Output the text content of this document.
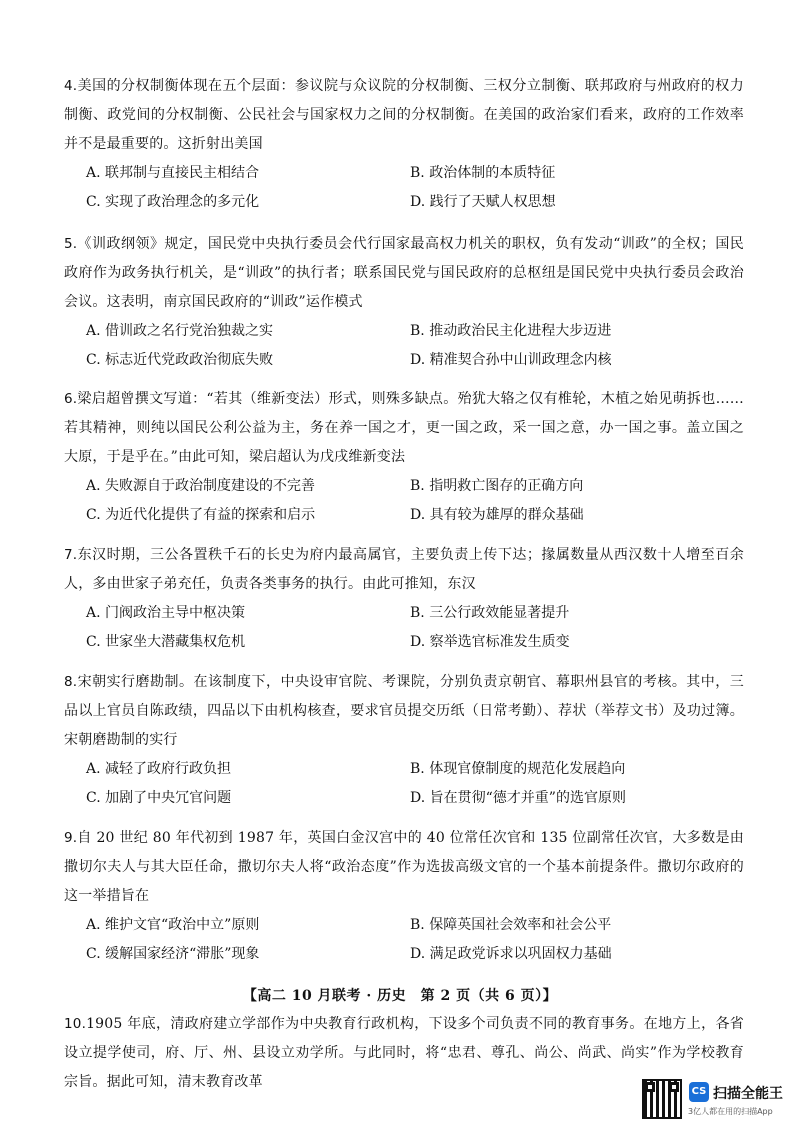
4.美国的分权制衡体现在五个层面：参议院与众议院的分权制衡、三权分立制衡、联邦政府与州政府的权力制衡、政党间的分权制衡、公民社会与国家权力之间的分权制衡。在美国的政治家们看来，政府的工作效率并不是最重要的。这折射出美国
A. 联邦制与直接民主相结合	B. 政治体制的本质特征
C. 实现了政治理念的多元化	D. 践行了天赋人权思想
5.《训政纲领》规定，国民党中央执行委员会代行国家最高权力机关的职权，负有发动“训政”的全权；国民政府作为政务执行机关，是“训政”的执行者；联系国民党与国民政府的总枢纽是国民党中央执行委员会政治会议。这表明，南京国民政府的“训政”运作模式
A. 借训政之名行党治独裁之实	B. 推动政治民主化进程大步迈进
C. 标志近代党政政治彻底失败	D. 精准契合孙中山训政理念内核
6.梁启超曾撰文写道：“若其（维新变法）形式，则殊多缺点。殆犹大辂之仅有椎轮，木植之始见萌拆也……若其精神，则纯以国民公利公益为主，务在养一国之才，更一国之政，采一国之意，办一国之事。盖立国之大原，于是乎在。”由此可知，梁启超认为戊戌维新变法
A. 失败源自于政治制度建设的不完善	B. 指明救亡图存的正确方向
C. 为近代化提供了有益的探索和启示	D. 具有较为雄厚的群众基础
7.东汉时期，三公各置秩千石的长史为府内最高属官，主要负责上传下达；掾属数量从西汉数十人增至百余人，多由世家子弟充任，负责各类事务的执行。由此可推知，东汉
A. 门阀政治主导中枢决策	B. 三公行政效能显著提升
C. 世家坐大潜藏集权危机	D. 察举选官标准发生质变
8.宋朝实行磨勘制。在该制度下，中央设审官院、考课院，分别负责京朝官、幕职州县官的考核。其中，三品以上官员自陈政绩，四品以下由机构核查，要求官员提交历纸（日常考勤）、荐状（举荐文书）及功过簿。宋朝磨勘制的实行
A. 减轻了政府行政负担	B. 体现官僚制度的规范化发展趋向
C. 加剧了中央冗官问题	D. 旨在贯彻“德才并重”的选官原则
9.自 20 世纪 80 年代初到 1987 年，英国白金汉宫中的 40 位常任次官和 135 位副常任次官，大多数是由撒切尔夫人与其大臣任命，撒切尔夫人将“政治态度”作为选拔高级文官的一个基本前提条件。撒切尔政府的这一举措旨在
A. 维护文官“政治中立”原则	B. 保障英国社会效率和社会公平
C. 缓解国家经济“滞胀”现象	D. 满足政党诉求以巩固权力基础
10.1905 年底，清政府建立学部作为中央教育行政机构，下设多个司负责不同的教育事务。在地方上，各省设立提学使司，府、厅、州、县设立劝学所。与此同时，将“忠君、尊孔、尚公、尚武、尚实”作为学校教育宗旨。据此可知，清末教育改革
【高二 10 月联考 · 历史　第 2 页（共 6 页）】
CS 扫描全能王
3亿人都在用的扫描App
